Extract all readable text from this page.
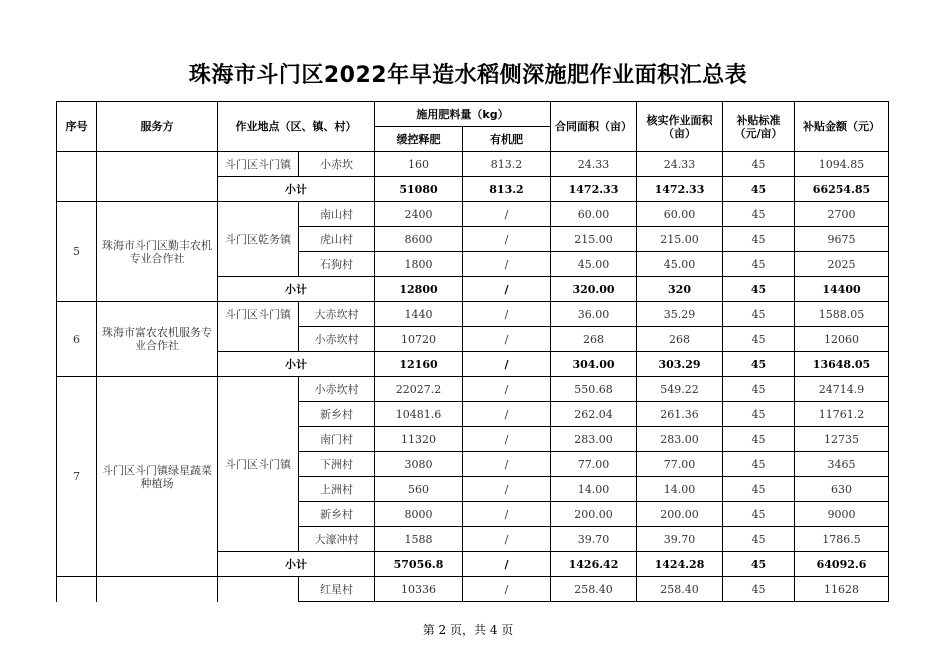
珠海市斗门区2022年早造水稻侧深施肥作业面积汇总表
序号	服务方	作业地点（区、镇、村）		施用肥料量（kg）		合同面积（亩）	核实作业面积（亩）	补贴标准（元/亩）	补贴金额（元）
				缓控释肥	有机肥				
		斗门区斗门镇	小赤坎	160	813.2	24.33	24.33	45	1094.85
		小计		51080	813.2	1472.33	1472.33	45	66254.85
5	珠海市斗门区勤丰农机专业合作社	斗门区乾务镇	南山村	2400	/	60.00	60.00	45	2700
			虎山村	8600	/	215.00	215.00	45	9675
			石狗村	1800	/	45.00	45.00	45	2025
		小计		12800	/	320.00	320	45	14400
6	珠海市富农农机服务专业合作社	斗门区斗门镇	大赤坎村	1440	/	36.00	35.29	45	1588.05
			小赤坎村	10720	/	268	268	45	12060
		小计		12160	/	304.00	303.29	45	13648.05
7	斗门区斗门镇绿星蔬菜种植场	斗门区斗门镇	小赤坎村	22027.2	/	550.68	549.22	45	24714.9
			新乡村	10481.6	/	262.04	261.36	45	11761.2
			南门村	11320	/	283.00	283.00	45	12735
			下洲村	3080	/	77.00	77.00	45	3465
			上洲村	560	/	14.00	14.00	45	630
			新乡村	8000	/	200.00	200.00	45	9000
			大濠冲村	1588	/	39.70	39.70	45	1786.5
		小计		57056.8	/	1426.42	1424.28	45	64092.6
			红星村	10336	/	258.40	258.40	45	11628
第 2 页，共 4 页
